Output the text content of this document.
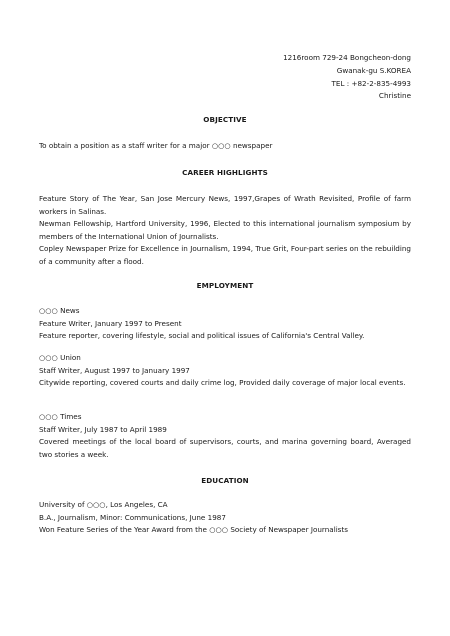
1216room 729-24 Bongcheon-dong
Gwanak-gu S.KOREA
TEL : +82-2-835-4993
Christine
OBJECTIVE
To obtain a position as a staff writer for a major ○○○ newspaper
CAREER HIGHLIGHTS
Feature Story of The Year, San Jose Mercury News, 1997,Grapes of Wrath Revisited, Profile of farm workers in Salinas.
Newman Fellowship, Hartford University, 1996, Elected to this international journalism symposium by members of the International Union of Journalists.
Copley Newspaper Prize for Excellence in Journalism, 1994, True Grit, Four-part series on the rebuilding of a community after a flood.
EMPLOYMENT
○○○ News
Feature Writer, January 1997 to Present
Feature reporter, covering lifestyle, social and political issues of California's Central Valley.
○○○ Union
Staff Writer, August 1997 to January 1997
Citywide reporting, covered courts and daily crime log, Provided daily coverage of major local events.
○○○ Times
Staff Writer, July 1987 to April 1989
Covered meetings of the local board of supervisors, courts, and marina governing board, Averaged two stories a week.
EDUCATION
University of ○○○, Los Angeles, CA
B.A., Journalism, Minor: Communications, June 1987
Won Feature Series of the Year Award from the ○○○ Society of Newspaper Journalists
